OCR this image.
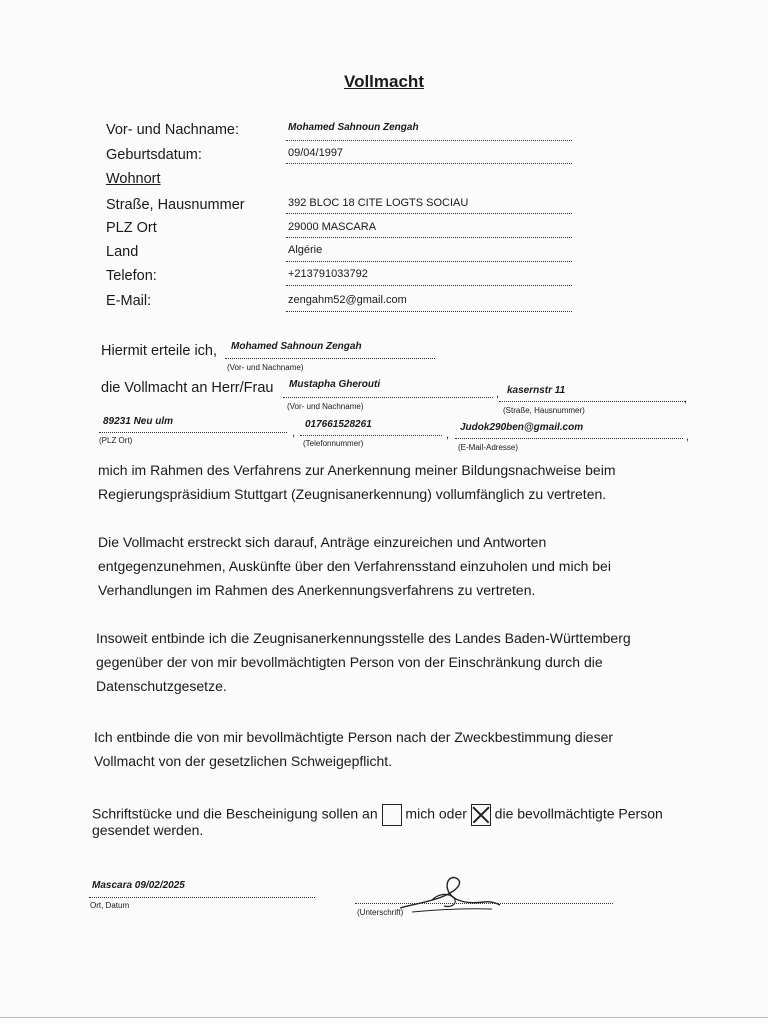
Vollmacht
Vor- und Nachname:	Mohamed Sahnoun Zengah
Geburtsdatum:	09/04/1997
Wohnort
Straße, Hausnummer	392 BLOC 18 CITE LOGTS SOCIAU
PLZ Ort	29000 MASCARA
Land	Algérie
Telefon:	+213791033792
E-Mail:	zengahm52@gmail.com
Hiermit erteile ich, Mohamed Sahnoun Zengah
(Vor- und Nachname)
die Vollmacht an Herr/Frau Mustapha Gherouti
,
(Vor- und Nachname)
kasernstr 11
,
(Straße, Hausnummer)
89231 Neu ulm
(PLZ Ort)
,
017661528261
(Telefonnummer)
,
Judok290ben@gmail.com
,
(E-Mail-Adresse)
mich im Rahmen des Verfahrens zur Anerkennung meiner Bildungsnachweise beim
Regierungspräsidium Stuttgart (Zeugnisanerkennung) vollumfänglich zu vertreten.
Die Vollmacht erstreckt sich darauf, Anträge einzureichen und Antworten
entgegenzunehmen, Auskünfte über den Verfahrensstand einzuholen und mich bei
Verhandlungen im Rahmen des Anerkennungsverfahrens zu vertreten.
Insoweit entbinde ich die Zeugnisanerkennungsstelle des Landes Baden-Württemberg
gegenüber der von mir bevollmächtigten Person von der Einschränkung durch die
Datenschutzgesetze.
Ich entbinde die von mir bevollmächtigte Person nach der Zweckbestimmung dieser
Vollmacht von der gesetzlichen Schweigepflicht.
Schriftstücke und die Bescheinigung sollen an mich oder die bevollmächtigte Person
gesendet werden.
Mascara 09/02/2025
Ort, Datum
(Unterschrift)
